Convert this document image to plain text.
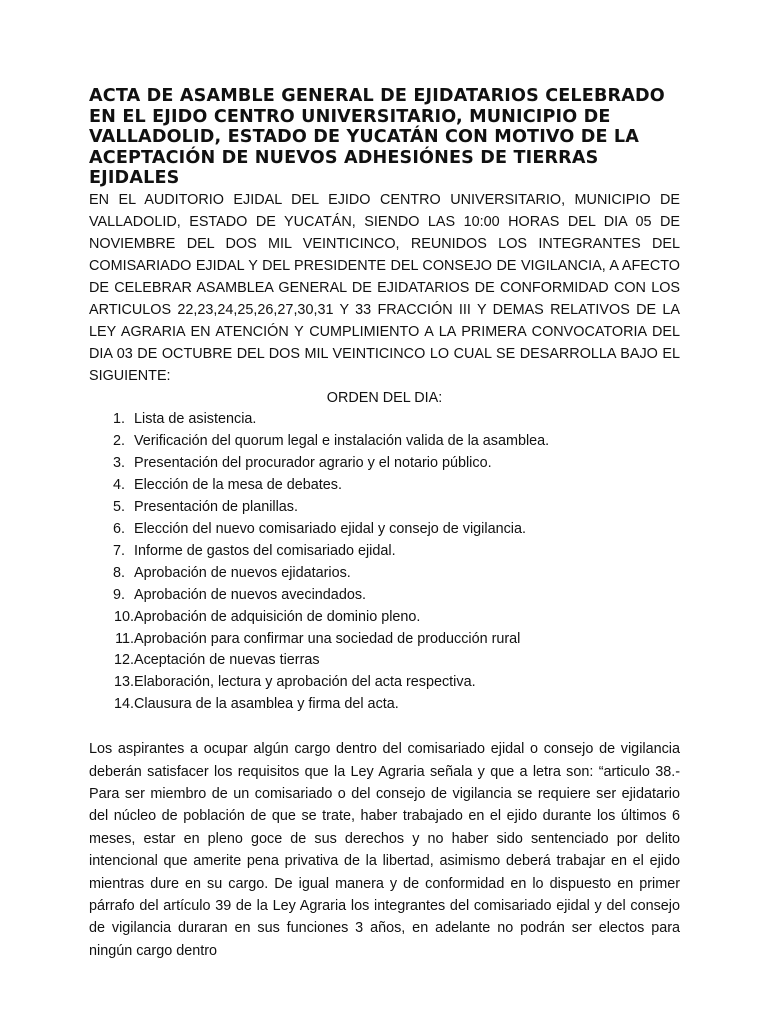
ACTA DE ASAMBLE GENERAL DE EJIDATARIOS CELEBRADO EN EL EJIDO CENTRO UNIVERSITARIO, MUNICIPIO DE VALLADOLID, ESTADO DE YUCATÁN CON MOTIVO DE LA ACEPTACIÓN DE NUEVOS ADHESIÓNES DE TIERRAS EJIDALES

EN EL AUDITORIO EJIDAL DEL EJIDO CENTRO UNIVERSITARIO, MUNICIPIO DE VALLADOLID, ESTADO DE YUCATÁN, SIENDO LAS 10:00 HORAS DEL DIA 05 DE NOVIEMBRE DEL DOS MIL VEINTICINCO, REUNIDOS LOS INTEGRANTES DEL COMISARIADO EJIDAL Y DEL PRESIDENTE DEL CONSEJO DE VIGILANCIA, A AFECTO DE CELEBRAR ASAMBLEA GENERAL DE EJIDATARIOS DE CONFORMIDAD CON LOS ARTICULOS 22,23,24,25,26,27,30,31 Y 33 FRACCIÓN III Y DEMAS RELATIVOS DE LA LEY AGRARIA EN ATENCIÓN Y CUMPLIMIENTO A LA PRIMERA CONVOCATORIA DEL DIA 03 DE OCTUBRE DEL DOS MIL VEINTICINCO LO CUAL SE DESARROLLA BAJO EL SIGUIENTE:

ORDEN DEL DIA:

1. Lista de asistencia.
2. Verificación del quorum legal e instalación valida de la asamblea.
3. Presentación del procurador agrario y el notario público.
4. Elección de la mesa de debates.
5. Presentación de planillas.
6. Elección del nuevo comisariado ejidal y consejo de vigilancia.
7. Informe de gastos del comisariado ejidal.
8. Aprobación de nuevos ejidatarios.
9. Aprobación de nuevos avecindados.
10. Aprobación de adquisición de dominio pleno.
11. Aprobación para confirmar una sociedad de producción rural
12. Aceptación de nuevas tierras
13. Elaboración, lectura y aprobación del acta respectiva.
14. Clausura de la asamblea y firma del acta.

Los aspirantes a ocupar algún cargo dentro del comisariado ejidal o consejo de vigilancia deberán satisfacer los requisitos que la Ley Agraria señala y que a letra son: “articulo 38.- Para ser miembro de un comisariado o del consejo de vigilancia se requiere ser ejidatario del núcleo de población de que se trate, haber trabajado en el ejido durante los últimos 6 meses, estar en pleno goce de sus derechos y no haber sido sentenciado por delito intencional que amerite pena privativa de la libertad, asimismo deberá trabajar en el ejido mientras dure en su cargo. De igual manera y de conformidad en lo dispuesto en primer párrafo del artículo 39 de la Ley Agraria los integrantes del comisariado ejidal y del consejo de vigilancia duraran en sus funciones 3 años, en adelante no podrán ser electos para ningún cargo dentro
